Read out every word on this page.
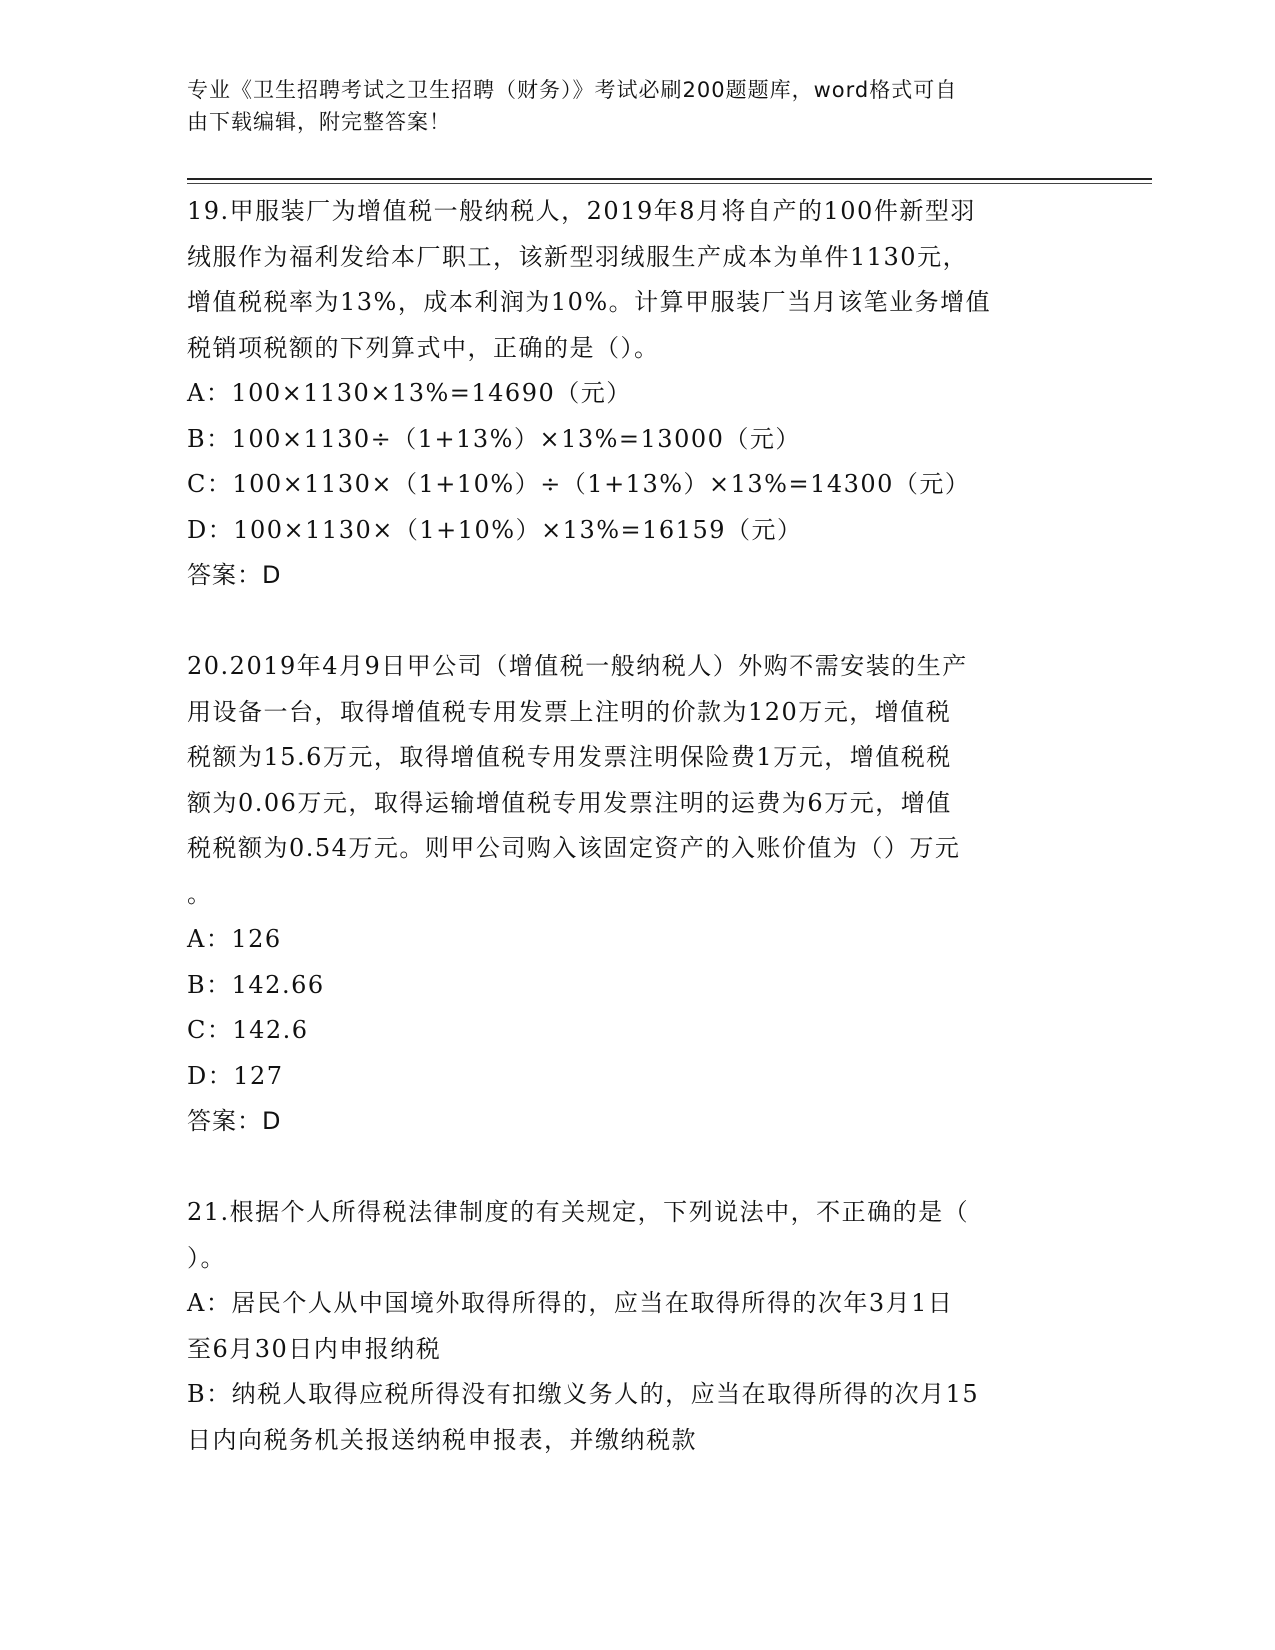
专业《卫生招聘考试之卫生招聘（财务）》考试必刷200题题库，word格式可自
由下载编辑，附完整答案！

19.甲服装厂为增值税一般纳税人，2019年8月将自产的100件新型羽

绒服作为福利发给本厂职工，该新型羽绒服生产成本为单件1130元，

增值税税率为13%，成本利润为10%。计算甲服装厂当月该笔业务增值

税销项税额的下列算式中，正确的是（）。

A：100×1130×13%=14690（元）

B：100×1130÷（1+13%）×13%=13000（元）

C：100×1130×（1+10%）÷（1+13%）×13%=14300（元）

D：100×1130×（1+10%）×13%=16159（元）

答案：D

20.2019年4月9日甲公司（增值税一般纳税人）外购不需安装的生产

用设备一台，取得增值税专用发票上注明的价款为120万元，增值税

税额为15.6万元，取得增值税专用发票注明保险费1万元，增值税税

额为0.06万元，取得运输增值税专用发票注明的运费为6万元，增值

税税额为0.54万元。则甲公司购入该固定资产的入账价值为（）万元

。

A：126

B：142.66

C：142.6

D：127

答案：D

21.根据个人所得税法律制度的有关规定，下列说法中，不正确的是（

）。

A：居民个人从中国境外取得所得的，应当在取得所得的次年3月1日

至6月30日内申报纳税

B：纳税人取得应税所得没有扣缴义务人的，应当在取得所得的次月15

日内向税务机关报送纳税申报表，并缴纳税款
